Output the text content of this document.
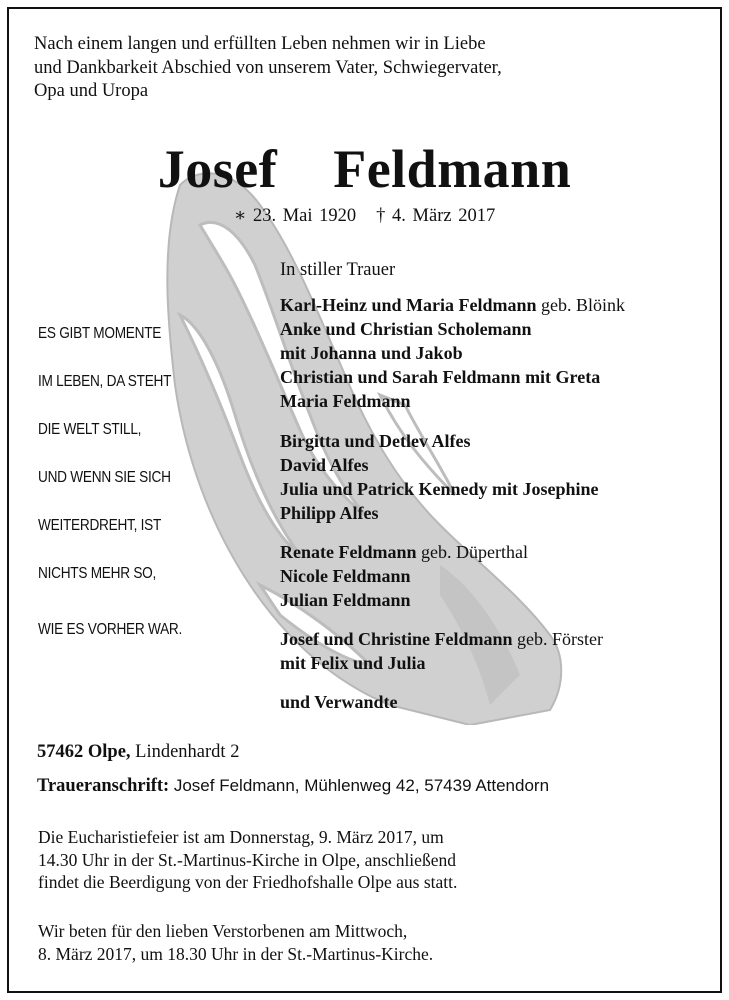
Nach einem langen und erfüllten Leben nehmen wir in Liebe
und Dankbarkeit Abschied von unserem Vater, Schwiegervater,
Opa und Uropa
Josef  Feldmann
∗ 23. Mai 1920 † 4. März 2017
In stiller Trauer
ES GIBT MOMENTE
IM LEBEN, DA STEHT
DIE WELT STILL,
UND WENN SIE SICH
WEITERDREHT, IST
NICHTS MEHR SO,
WIE ES VORHER WAR.
Karl-Heinz und Maria Feldmann geb. Blöink
Anke und Christian Scholemann
mit Johanna und Jakob
Christian und Sarah Feldmann mit Greta
Maria Feldmann
Birgitta und Detlev Alfes
David Alfes
Julia und Patrick Kennedy mit Josephine
Philipp Alfes
Renate Feldmann geb. Düperthal
Nicole Feldmann
Julian Feldmann
Josef und Christine Feldmann geb. Förster
mit Felix und Julia
und Verwandte
57462 Olpe, Lindenhardt 2
Traueranschrift: Josef Feldmann, Mühlenweg 42, 57439 Attendorn
Die Eucharistiefeier ist am Donnerstag, 9. März 2017, um
14.30 Uhr in der St.-Martinus-Kirche in Olpe, anschließend
findet die Beerdigung von der Friedhofshalle Olpe aus statt.
Wir beten für den lieben Verstorbenen am Mittwoch,
8. März 2017, um 18.30 Uhr in der St.-Martinus-Kirche.
